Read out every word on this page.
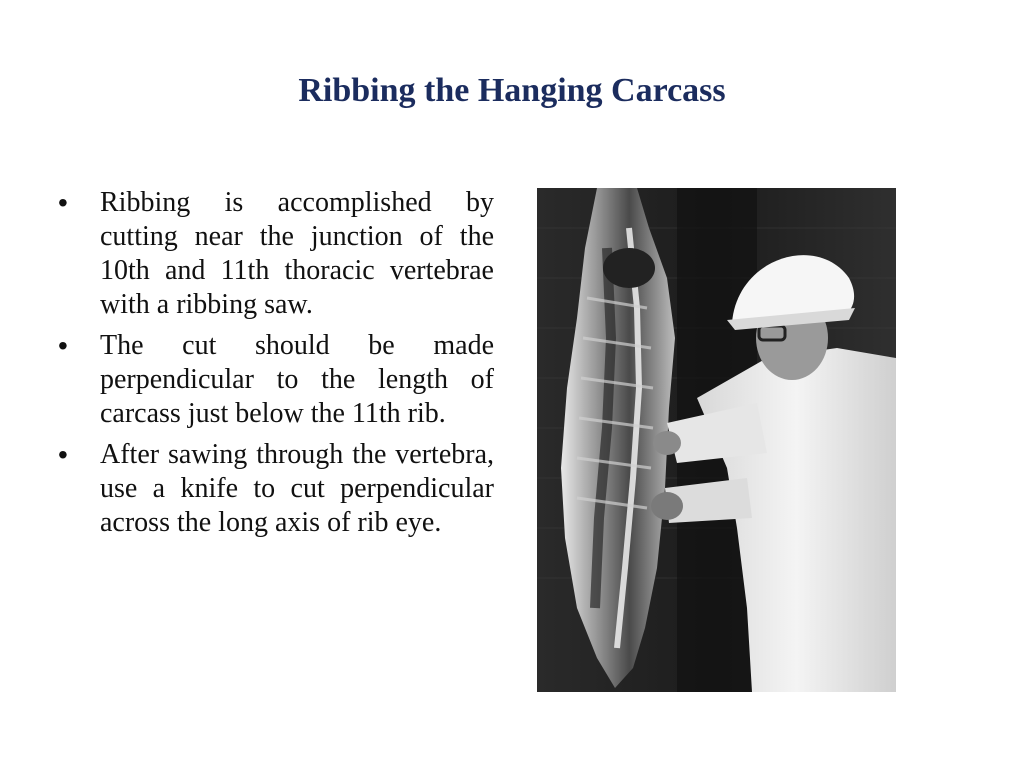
Ribbing the Hanging Carcass
• Ribbing is accomplished by cutting near the junction of the 10th and 11th thoracic vertebrae with a ribbing saw.
• The cut should be made perpendicular to the length of carcass just below the 11th rib.
• After sawing through the vertebra, use a knife to cut perpendicular across the long axis of rib eye.
